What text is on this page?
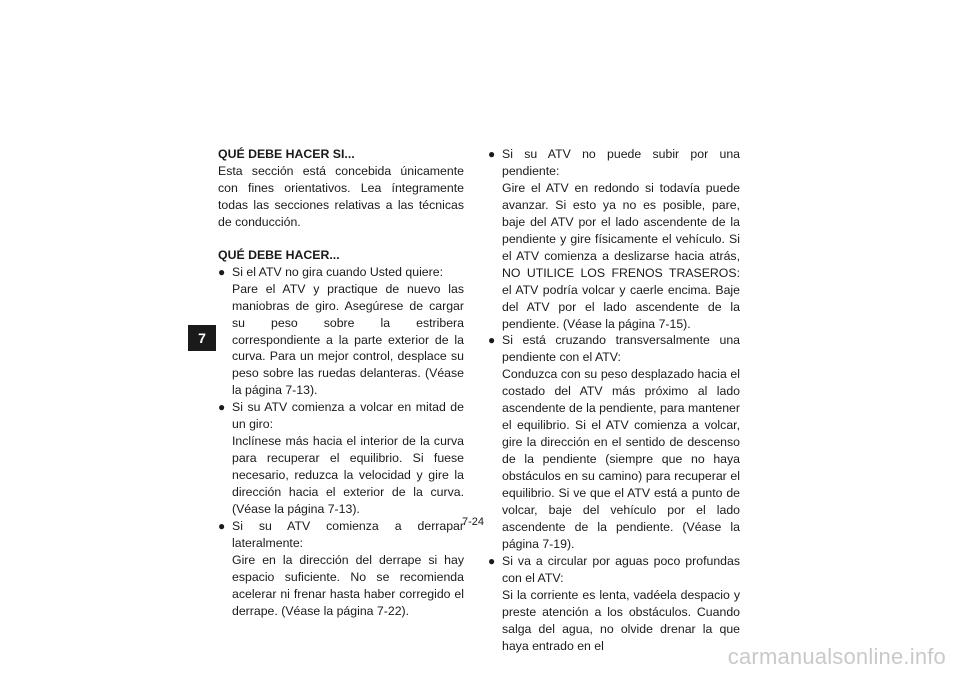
7

QUÉ DEBE HACER SI...

Esta sección está concebida únicamente con fines orientativos. Lea íntegramente todas las secciones relativas a las técnicas de conducción.

QUÉ DEBE HACER...

● Si el ATV no gira cuando Usted quiere:

Pare el ATV y practique de nuevo las maniobras de giro. Asegúrese de cargar su peso sobre la estribera correspondiente a la parte exterior de la curva. Para un mejor control, desplace su peso sobre las ruedas delanteras. (Véase la página 7-13).

● Si su ATV comienza a volcar en mitad de un giro:

Inclínese más hacia el interior de la curva para recuperar el equilibrio. Si fuese necesario, reduzca la velocidad y gire la dirección hacia el exterior de la curva. (Véase la página 7-13).

● Si su ATV comienza a derrapar lateralmente:

Gire en la dirección del derrape si hay espacio suficiente. No se recomienda acelerar ni frenar hasta haber corregido el derrape. (Véase la página 7-22).

● Si su ATV no puede subir por una pendiente:

Gire el ATV en redondo si todavía puede avanzar. Si esto ya no es posible, pare, baje del ATV por el lado ascendente de la pendiente y gire físicamente el vehículo. Si el ATV comienza a deslizarse hacia atrás, NO UTILICE LOS FRENOS TRASEROS: el ATV podría volcar y caerle encima. Baje del ATV por el lado ascendente de la pendiente. (Véase la página 7-15).

● Si está cruzando transversalmente una pendiente con el ATV:

Conduzca con su peso desplazado hacia el costado del ATV más próximo al lado ascendente de la pendiente, para mantener el equilibrio. Si el ATV comienza a volcar, gire la dirección en el sentido de descenso de la pendiente (siempre que no haya obstáculos en su camino) para recuperar el equilibrio. Si ve que el ATV está a punto de volcar, baje del vehículo por el lado ascendente de la pendiente. (Véase la página 7-19).

● Si va a circular por aguas poco profundas con el ATV:

Si la corriente es lenta, vadéela despacio y preste atención a los obstáculos. Cuando salga del agua, no olvide drenar la que haya entrado en el

7-24
carmanualsonline.info
